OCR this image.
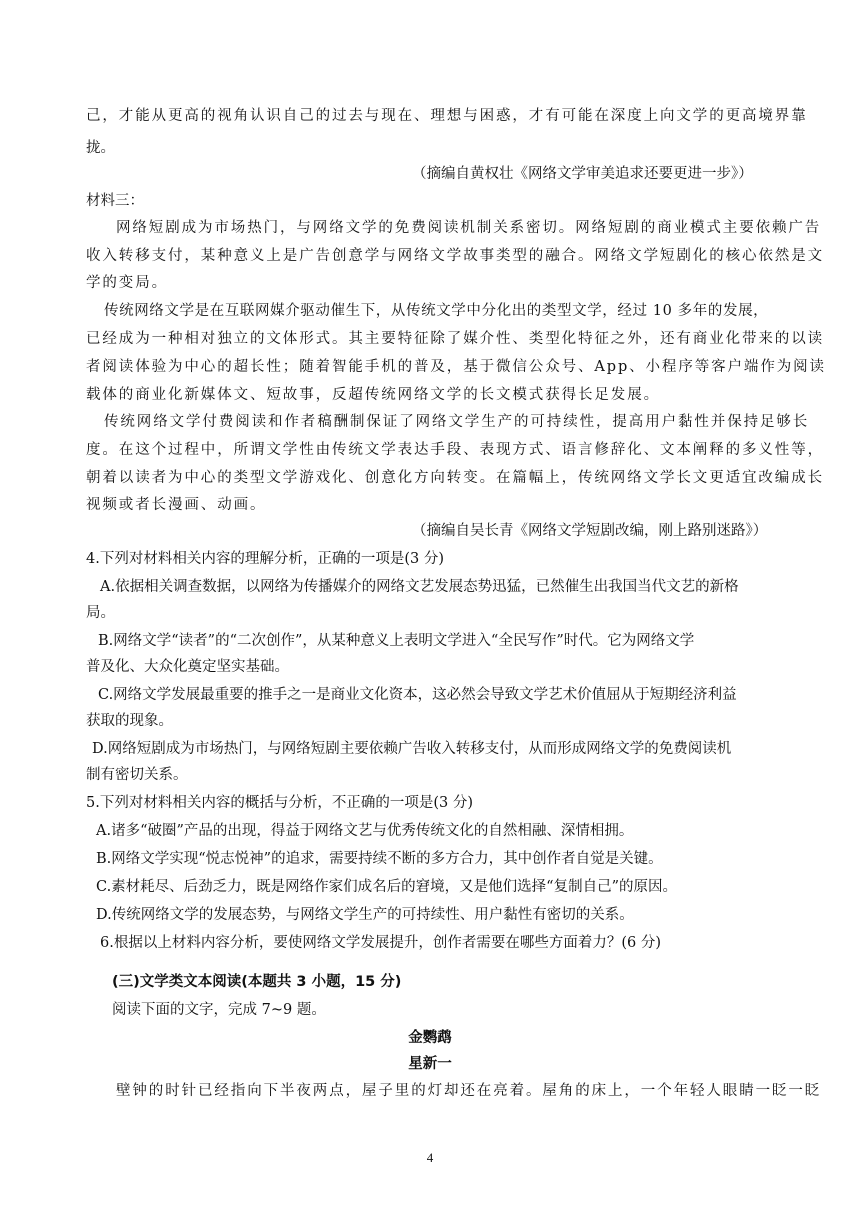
己，才能从更高的视角认识自己的过去与现在、理想与困惑，才有可能在深度上向文学的更高境界靠
拢。
（摘编自黄权壮《网络文学审美追求还要更进一步》）
材料三：
网络短剧成为市场热门，与网络文学的免费阅读机制关系密切。网络短剧的商业模式主要依赖广告
收入转移支付，某种意义上是广告创意学与网络文学故事类型的融合。网络文学短剧化的核心依然是文
学的变局。
传统网络文学是在互联网媒介驱动催生下，从传统文学中分化出的类型文学，经过 10 多年的发展，
已经成为一种相对独立的文体形式。其主要特征除了媒介性、类型化特征之外，还有商业化带来的以读
者阅读体验为中心的超长性；随着智能手机的普及，基于微信公众号、App、小程序等客户端作为阅读
载体的商业化新媒体文、短故事，反超传统网络文学的长文模式获得长足发展。
传统网络文学付费阅读和作者稿酬制保证了网络文学生产的可持续性，提高用户黏性并保持足够长
度。在这个过程中，所谓文学性由传统文学表达手段、表现方式、语言修辞化、文本阐释的多义性等，
朝着以读者为中心的类型文学游戏化、创意化方向转变。在篇幅上，传统网络文学长文更适宜改编成长
视频或者长漫画、动画。
（摘编自吴长青《网络文学短剧改编，刚上路别迷路》）
4.下列对材料相关内容的理解分析，正确的一项是(3 分)
A.依据相关调查数据，以网络为传播媒介的网络文艺发展态势迅猛，已然催生出我国当代文艺的新格
局。
B.网络文学“读者”的“二次创作”，从某种意义上表明文学进入“全民写作”时代。它为网络文学
普及化、大众化奠定坚实基础。
C.网络文学发展最重要的推手之一是商业文化资本，这必然会导致文学艺术价值屈从于短期经济利益
获取的现象。
D.网络短剧成为市场热门，与网络短剧主要依赖广告收入转移支付，从而形成网络文学的免费阅读机
制有密切关系。
5.下列对材料相关内容的概括与分析，不正确的一项是(3 分)
A.诸多“破圈”产品的出现，得益于网络文艺与优秀传统文化的自然相融、深情相拥。
B.网络文学实现“悦志悦神”的追求，需要持续不断的多方合力，其中创作者自觉是关键。
C.素材耗尽、后劲乏力，既是网络作家们成名后的窘境，又是他们选择“复制自己”的原因。
D.传统网络文学的发展态势，与网络文学生产的可持续性、用户黏性有密切的关系。
6.根据以上材料内容分析，要使网络文学发展提升，创作者需要在哪些方面着力？(6 分)
(三)文学类文本阅读(本题共 3 小题，15 分)
阅读下面的文字，完成 7~9 题。
金鹦鹉
星新一
壁钟的时针已经指向下半夜两点，屋子里的灯却还在亮着。屋角的床上，一个年轻人眼睛一眨一眨
4
